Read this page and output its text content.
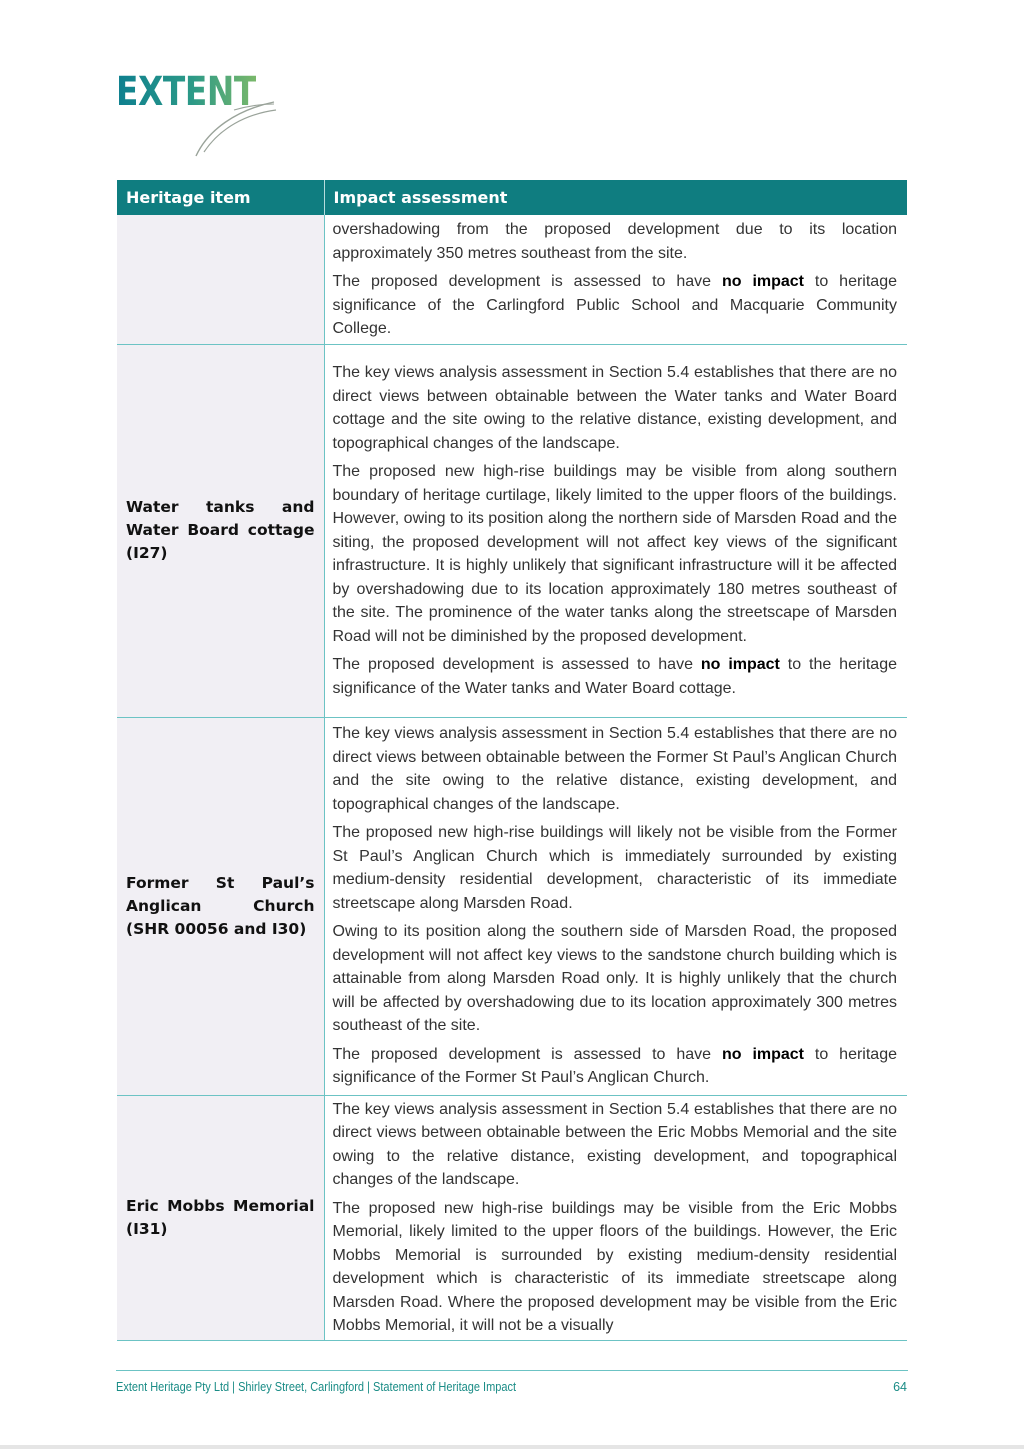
EXTENT
Heritage item	Impact assessment

	overshadowing from the proposed development due to its location approximately 350 metres southeast from the site.

The proposed development is assessed to have no impact to heritage significance of the Carlingford Public School and Macquarie Community College.

Water tanks and Water Board cottage (I27)	The key views analysis assessment in Section 5.4 establishes that there are no direct views between obtainable between the Water tanks and Water Board cottage and the site owing to the relative distance, existing development, and topographical changes of the landscape.

The proposed new high-rise buildings may be visible from along southern boundary of heritage curtilage, likely limited to the upper floors of the buildings. However, owing to its position along the northern side of Marsden Road and the siting, the proposed development will not affect key views of the significant infrastructure. It is highly unlikely that significant infrastructure will it be affected by overshadowing due to its location approximately 180 metres southeast of the site. The prominence of the water tanks along the streetscape of Marsden Road will not be diminished by the proposed development.

The proposed development is assessed to have no impact to the heritage significance of the Water tanks and Water Board cottage.

Former St Paul’s Anglican Church (SHR 00056 and I30)	The key views analysis assessment in Section 5.4 establishes that there are no direct views between obtainable between the Former St Paul’s Anglican Church and the site owing to the relative distance, existing development, and topographical changes of the landscape.

The proposed new high-rise buildings will likely not be visible from the Former St Paul’s Anglican Church which is immediately surrounded by existing medium-density residential development, characteristic of its immediate streetscape along Marsden Road.

Owing to its position along the southern side of Marsden Road, the proposed development will not affect key views to the sandstone church building which is attainable from along Marsden Road only. It is highly unlikely that the church will be affected by overshadowing due to its location approximately 300 metres southeast of the site.

The proposed development is assessed to have no impact to heritage significance of the Former St Paul’s Anglican Church.

Eric Mobbs Memorial (I31)	The key views analysis assessment in Section 5.4 establishes that there are no direct views between obtainable between the Eric Mobbs Memorial and the site owing to the relative distance, existing development, and topographical changes of the landscape.

The proposed new high-rise buildings may be visible from the Eric Mobbs Memorial, likely limited to the upper floors of the buildings. However, the Eric Mobbs Memorial is surrounded by existing medium-density residential development which is characteristic of its immediate streetscape along Marsden Road. Where the proposed development may be visible from the Eric Mobbs Memorial, it will not be a visually

Extent Heritage Pty Ltd | Shirley Street, Carlingford | Statement of Heritage Impact	64
